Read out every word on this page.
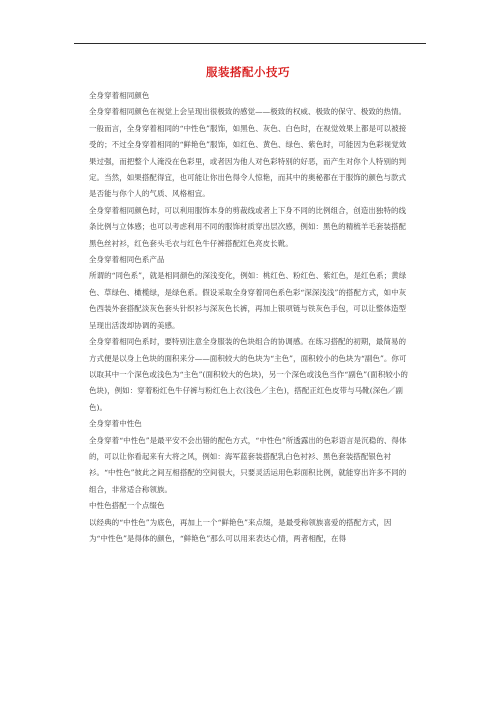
服装搭配小技巧

全身穿着相同颜色

全身穿着相同颜色在视觉上会呈现出很极致的感觉——极致的权威、极致的保守、极致的热情。一般而言，全身穿着相同的“中性色”服饰，如黑色、灰色、白色时，在视觉效果上都是可以被接受的；不过全身穿着相同的“鲜艳色”服饰，如红色、黄色、绿色、紫色时，可能因为色彩视觉效果过强，而把整个人淹没在色彩里，或者因为他人对色彩特别的好恶，而产生对你个人特别的判定。当然，如果搭配得宜，也可能让你出色得令人惊艳，而其中的奥秘都在于服饰的颜色与款式是否能与你个人的气质、风格相宜。

全身穿着相同颜色时，可以利用服饰本身的剪裁线或者上下身不同的比例组合，创造出独特的线条比例与立体感；也可以考虑利用不同的服饰材质穿出层次感，例如：黑色的精梳羊毛套装搭配黑色丝衬衫，红色套头毛衣与红色牛仔裤搭配红色亮皮长靴。

全身穿着相同色系产品

所谓的“同色系”，就是相同颜色的深浅变化，例如：桃红色、粉红色、紫红色，是红色系；黄绿色、草绿色、橄榄绿，是绿色系。假设采取全身穿着同色系色彩“深深浅浅”的搭配方式，如中灰色西装外套搭配淡灰色套头针织衫与深灰色长裤，再加上银项链与铁灰色手包，可以让整体造型呈现出活泼却协调的美感。

全身穿着相同色系时，要特别注意全身服装的色块组合的协调感。在练习搭配的初期，最简易的方式便是以身上色块的面积来分——面积较大的色块为“主色”，面积较小的色块为“副色”。你可以取其中一个深色或浅色为“主色”(面积较大的色块)，另一个深色或浅色当作“副色”(面积较小的色块)，例如：穿着粉红色牛仔裤与粉红色上衣(浅色／主色)，搭配正红色皮带与马靴(深色／副色)。

全身穿着中性色

全身穿着“中性色”是最平安不会出错的配色方式，“中性色”所透露出的色彩语言是沉稳的、得体的，可以让你看起来有大将之风，例如：海军蓝套装搭配乳白色衬衫、黑色套装搭配银色衬衫。“中性色”彼此之间互相搭配的空间很大，只要灵活运用色彩面积比例，就能穿出许多不同的组合，非常适合称领族。

中性色搭配一个点缀色

以经典的“中性色”为底色，再加上一个“鲜艳色”来点缀，是最受称领族喜爱的搭配方式，因为“中性色”是得体的颜色，“鲜艳色”那么可以用来表达心情，两者相配，在得
